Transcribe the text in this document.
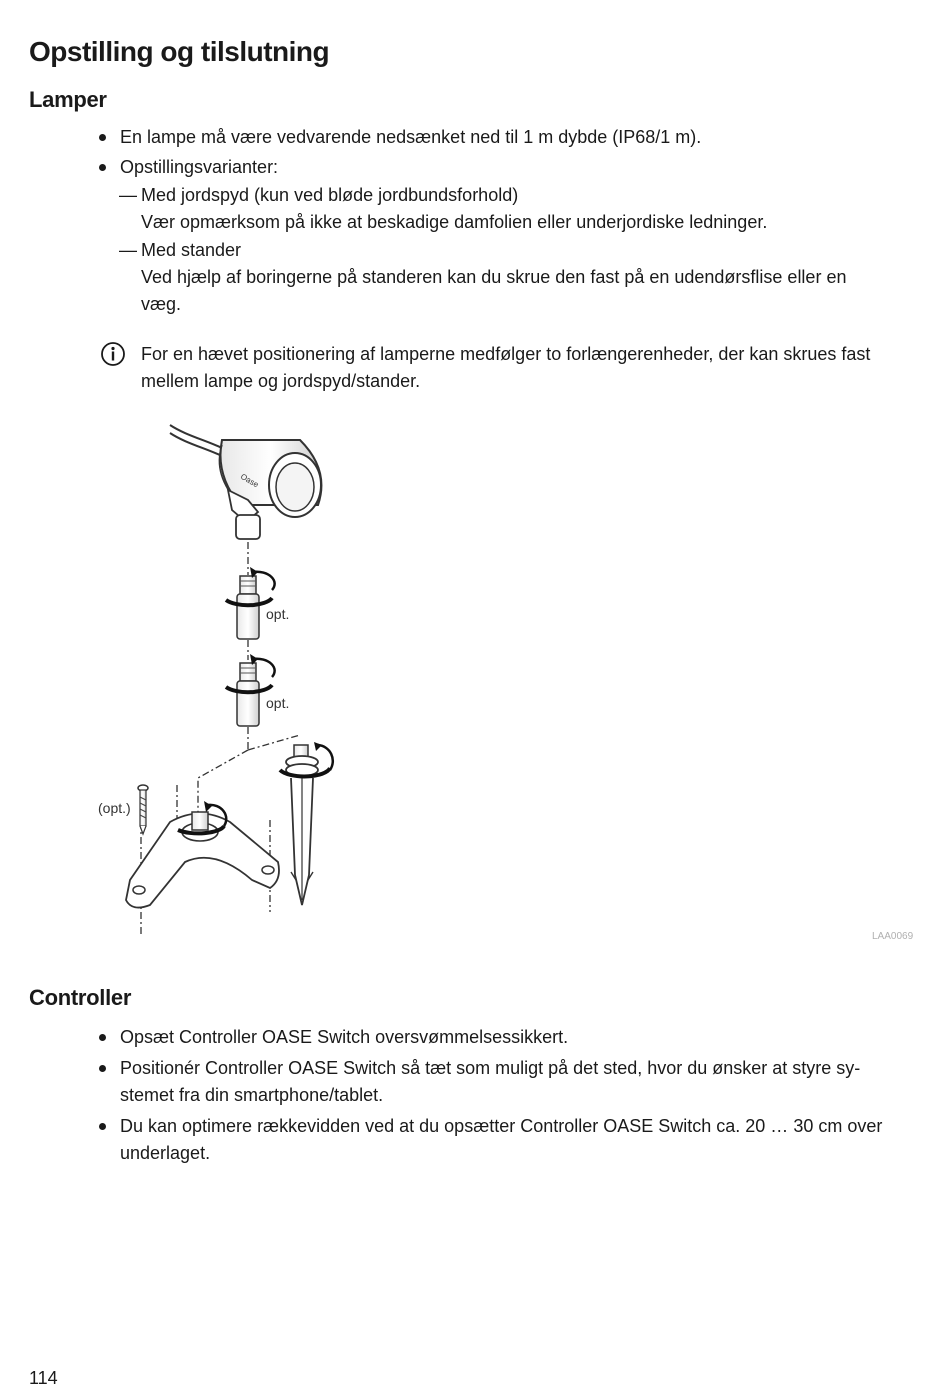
Opstilling og tilslutning
Lamper

En lampe må være vedvarende nedsænket ned til 1 m dybde (IP68/1 m).

Opstillingsvarianter:

— Med jordspyd (kun ved bløde jordbundsforhold)

Vær opmærksom på ikke at beskadige damfolien eller underjordiske ledninger.

— Med stander

Ved hjælp af boringerne på standeren kan du skrue den fast på en udendørsflise eller en

væg.

For en hævet positionering af lamperne medfølger to forlængerenheder, der kan skrues fast

mellem lampe og jordspyd/stander.

Oase
opt.
opt.
(opt.)
LAA0069
Controller

Opsæt Controller OASE Switch oversvømmelsessikkert.

Positionér Controller OASE Switch så tæt som muligt på det sted, hvor du ønsker at styre sy-

stemet fra din smartphone/tablet.

Du kan optimere rækkevidden ved at du opsætter Controller OASE Switch ca. 20 … 30 cm over

underlaget.

114
